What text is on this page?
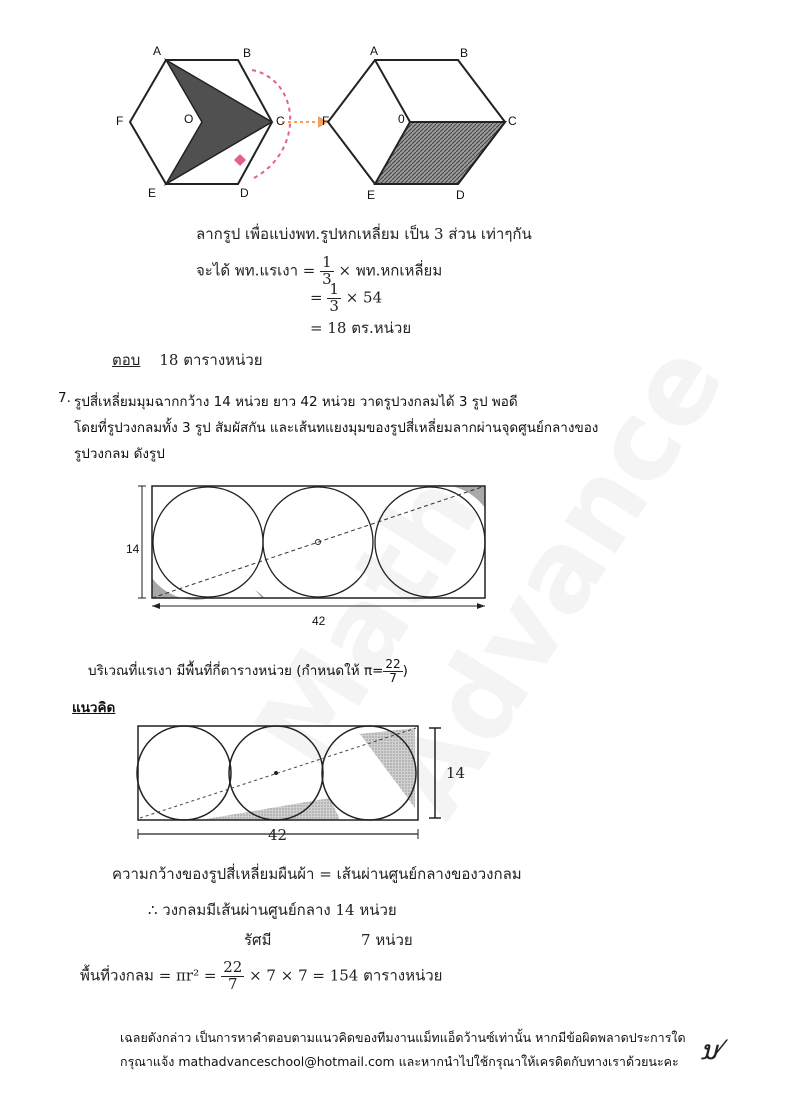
A	B
C
D
E
F	O
A	B
C
D
E
F	0
ลากรูป เพื่อแบ่งพท.รูปหกเหลี่ยม เป็น 3 ส่วน เท่าๆกัน
จะได้ พท.แรเงา = $\frac{1}{3}$ × พท.หกเหลี่ยม
= $\frac{1}{3} \times 54$
= 18 ตร.หน่วย
ตอบ 18 ตารางหน่วย
7. รูปสี่เหลี่ยมมุมฉากกว้าง 14 หน่วย ยาว 42 หน่วย วาดรูปวงกลมได้ 3 รูป พอดี
โดยที่รูปวงกลมทั้ง 3 รูป สัมผัสกัน และเส้นทแยงมุมของรูปสี่เหลี่ยมลากผ่านจุดศูนย์กลางของ
รูปวงกลม ดังรูป
14
42
บริเวณที่แรเงา มีพื้นที่กี่ตารางหน่วย (กำหนดให้ $\pi= \frac{22}{7}$ )
แนวคิด
14
42
ความกว้างของรูปสี่เหลี่ยมผืนผ้า = เส้นผ่านศูนย์กลางของวงกลม
∴ วงกลมมีเส้นผ่านศูนย์กลาง 14 หน่วย
รัศมี	7 หน่วย
พื้นที่วงกลม = $\pi r^2 = \frac{22}{7} \times 7 \times 7 = 154$ ตารางหน่วย
เฉลยดังกล่าว เป็นการหาคำตอบตามแนวคิดของทีมงานแม็ทแอ็ดว้านซ์เท่านั้น หากมีข้อผิดพลาดประการใด
กรุณาแจ้ง mathadvanceschool@hotmail.com และหากนำไปใช้กรุณาให้เครดิตกับทางเราด้วยนะคะ ນ⁄
